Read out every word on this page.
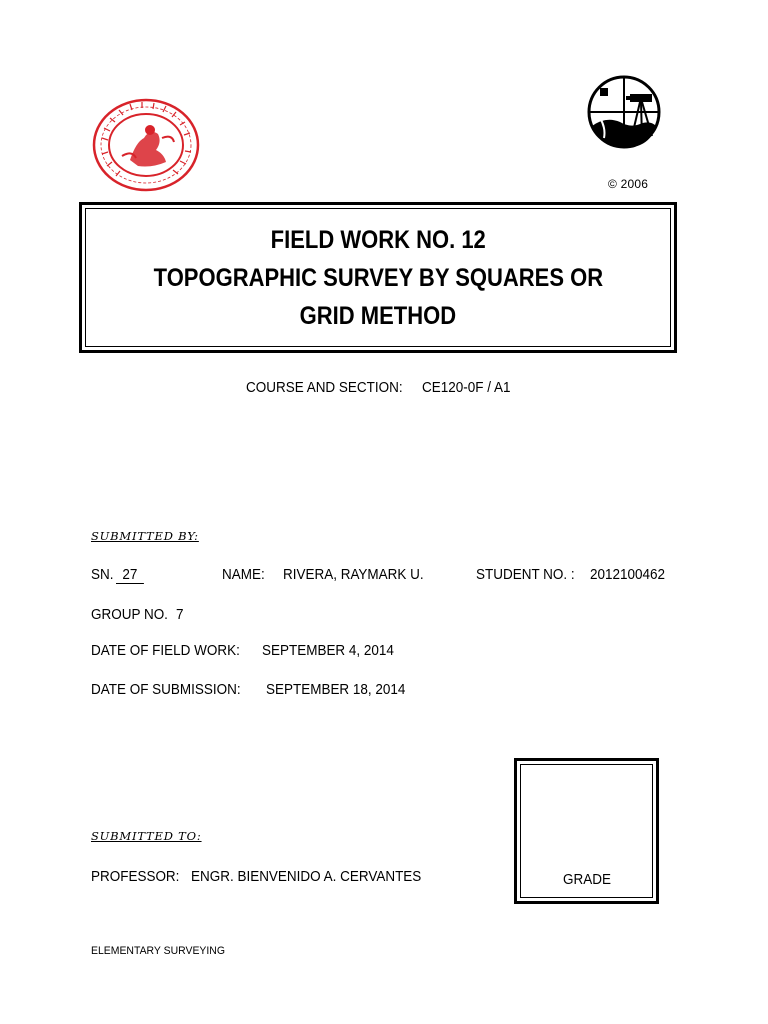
© 2006
FIELD WORK NO. 12
TOPOGRAPHIC SURVEY BY SQUARES OR
GRID METHOD
COURSE AND SECTION: CE120-0F / A1
SUBMITTED BY:
SN. 27	NAME: RIVERA, RAYMARK U.	STUDENT NO. : 2012100462
GROUP NO. 7
DATE OF FIELD WORK: SEPTEMBER 4, 2014
DATE OF SUBMISSION: SEPTEMBER 18, 2014
GRADE
SUBMITTED TO:
PROFESSOR: ENGR. BIENVENIDO A. CERVANTES
ELEMENTARY SURVEYING
